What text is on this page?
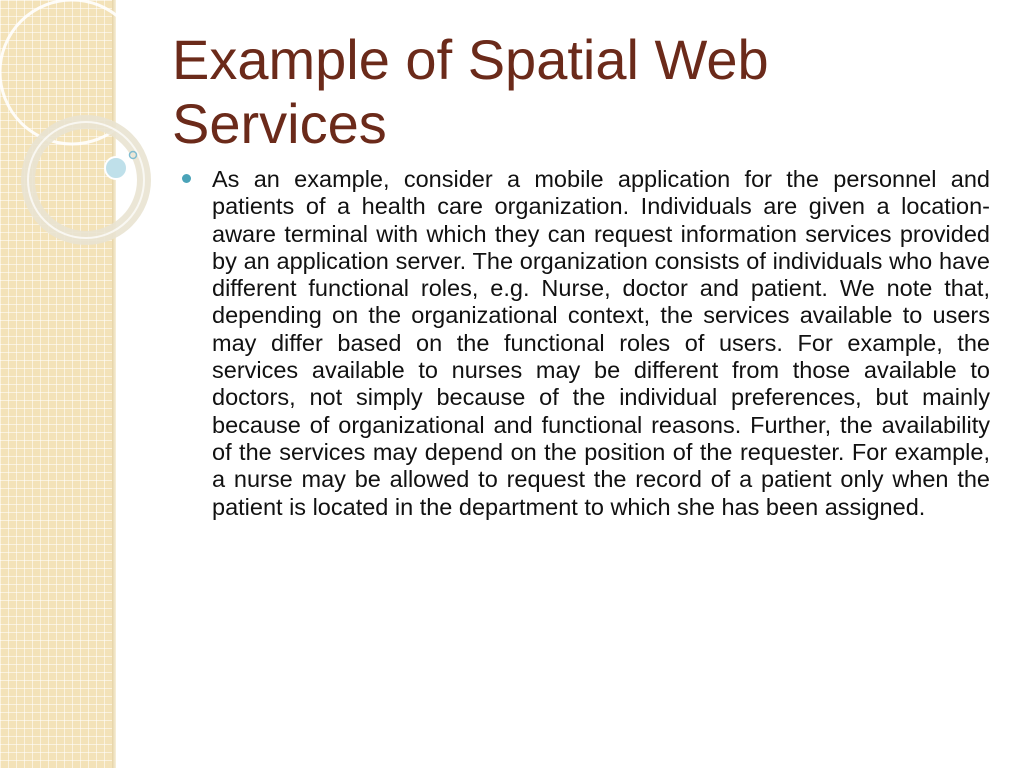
Example of Spatial Web Services
As an example, consider a mobile application for the personnel and patients of a health care organization. Individuals are given a location-aware terminal with which they can request information services provided by an application server. The organization consists of individuals who have different functional roles, e.g. Nurse, doctor and patient. We note that, depending on the organizational context, the services available to users may differ based on the functional roles of users. For example, the services available to nurses may be different from those available to doctors, not simply because of the individual preferences, but mainly because of organizational and functional reasons. Further, the availability of the services may depend on the position of the requester. For example, a nurse may be allowed to request the record of a patient only when the patient is located in the department to which she has been assigned.
